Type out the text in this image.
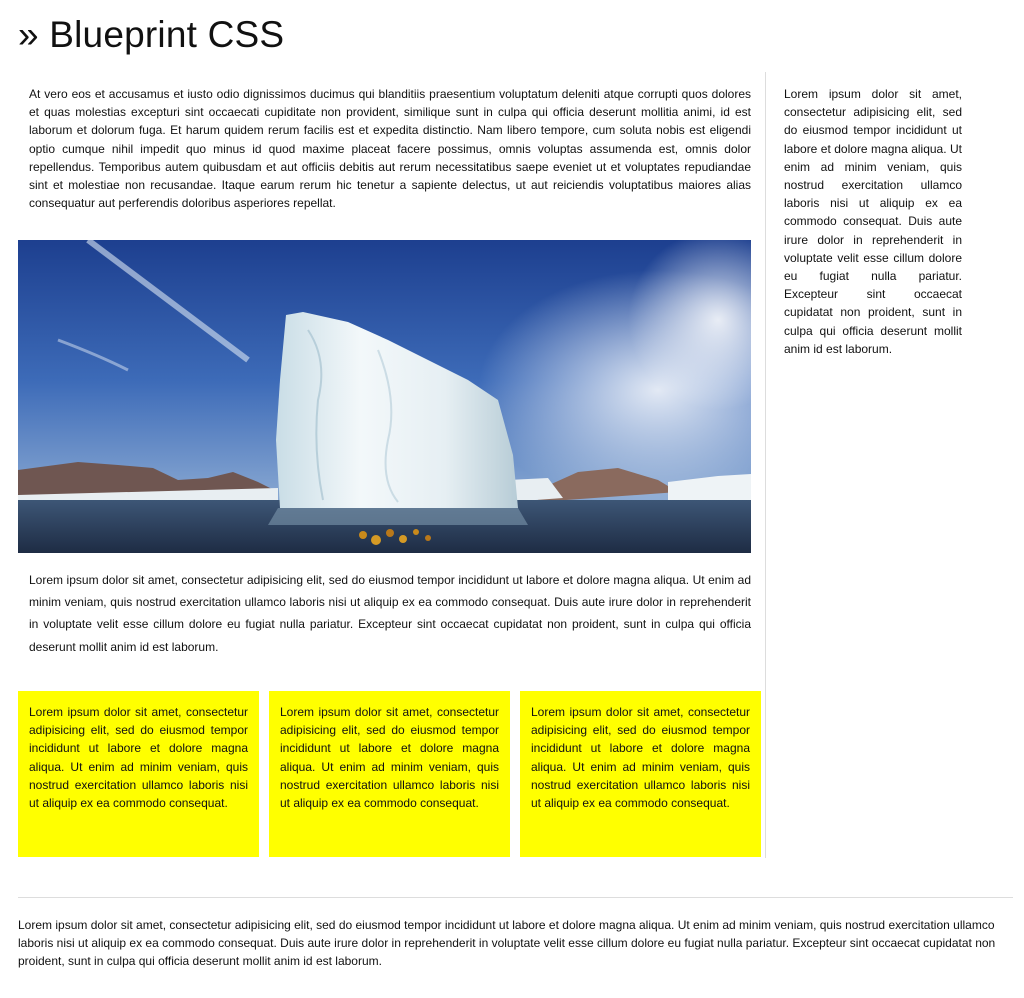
» Blueprint CSS

At vero eos et accusamus et iusto odio dignissimos ducimus qui blanditiis praesentium voluptatum deleniti atque corrupti quos dolores et quas molestias excepturi sint occaecati cupiditate non provident, similique sunt in culpa qui officia deserunt mollitia animi, id est laborum et dolorum fuga. Et harum quidem rerum facilis est et expedita distinctio. Nam libero tempore, cum soluta nobis est eligendi optio cumque nihil impedit quo minus id quod maxime placeat facere possimus, omnis voluptas assumenda est, omnis dolor repellendus. Temporibus autem quibusdam et aut officiis debitis aut rerum necessitatibus saepe eveniet ut et voluptates repudiandae sint et molestiae non recusandae. Itaque earum rerum hic tenetur a sapiente delectus, ut aut reiciendis voluptatibus maiores alias consequatur aut perferendis doloribus asperiores repellat.

Lorem ipsum dolor sit amet, consectetur adipisicing elit, sed do eiusmod tempor incididunt ut labore et dolore magna aliqua. Ut enim ad minim veniam, quis nostrud exercitation ullamco laboris nisi ut aliquip ex ea commodo consequat. Duis aute irure dolor in reprehenderit in voluptate velit esse cillum dolore eu fugiat nulla pariatur. Excepteur sint occaecat cupidatat non proident, sunt in culpa qui officia deserunt mollit anim id est laborum.

Lorem ipsum dolor sit amet, consectetur adipisicing elit, sed do eiusmod tempor incididunt ut labore et dolore magna aliqua. Ut enim ad minim veniam, quis nostrud exercitation ullamco laboris nisi ut aliquip ex ea commodo consequat. Duis aute irure dolor in reprehenderit in voluptate velit esse cillum dolore eu fugiat nulla pariatur. Excepteur sint occaecat cupidatat non proident, sunt in culpa qui officia deserunt mollit anim id est laborum.

Lorem ipsum dolor sit amet, consectetur adipisicing elit, sed do eiusmod tempor incididunt ut labore et dolore magna aliqua. Ut enim ad minim veniam, quis nostrud exercitation ullamco laboris nisi ut aliquip ex ea commodo consequat.

Lorem ipsum dolor sit amet, consectetur adipisicing elit, sed do eiusmod tempor incididunt ut labore et dolore magna aliqua. Ut enim ad minim veniam, quis nostrud exercitation ullamco laboris nisi ut aliquip ex ea commodo consequat.

Lorem ipsum dolor sit amet, consectetur adipisicing elit, sed do eiusmod tempor incididunt ut labore et dolore magna aliqua. Ut enim ad minim veniam, quis nostrud exercitation ullamco laboris nisi ut aliquip ex ea commodo consequat.

Lorem ipsum dolor sit amet, consectetur adipisicing elit, sed do eiusmod tempor incididunt ut labore et dolore magna aliqua. Ut enim ad minim veniam, quis nostrud exercitation ullamco laboris nisi ut aliquip ex ea commodo consequat. Duis aute irure dolor in reprehenderit in voluptate velit esse cillum dolore eu fugiat nulla pariatur. Excepteur sint occaecat cupidatat non proident, sunt in culpa qui officia deserunt mollit anim id est laborum.
